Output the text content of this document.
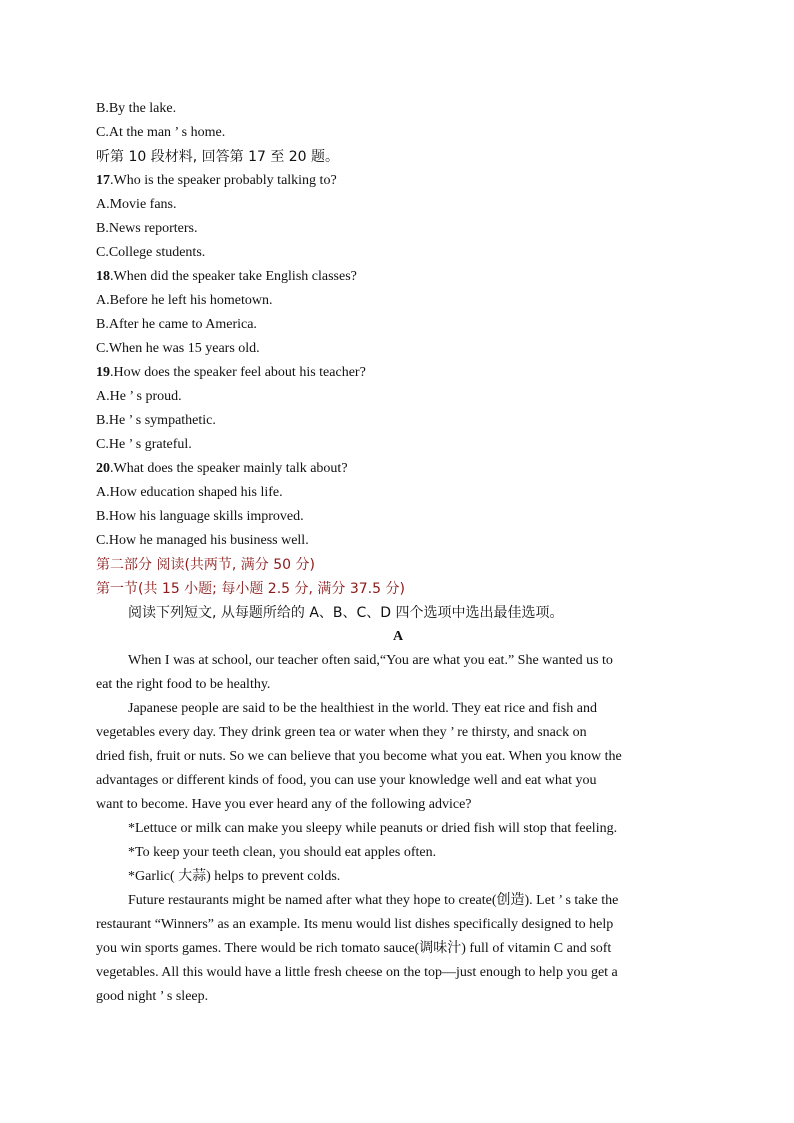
B.By the lake.
C.At the man ’ s home.
听第 10 段材料, 回答第 17 至 20 题。
17.Who is the speaker probably talking to?
A.Movie fans.
B.News reporters.
C.College students.
18.When did the speaker take English classes?
A.Before he left his hometown.
B.After he came to America.
C.When he was 15 years old.
19.How does the speaker feel about his teacher?
A.He ’ s proud.
B.He ’ s sympathetic.
C.He ’ s grateful.
20.What does the speaker mainly talk about?
A.How education shaped his life.
B.How his language skills improved.
C.How he managed his business well.
第二部分 阅读(共两节, 满分 50 分)
第一节(共 15 小题; 每小题 2.5 分, 满分 37.5 分)
阅读下列短文, 从每题所给的 A、B、C、D 四个选项中选出最佳选项。
A
When I was at school, our teacher often said,“You are what you eat.” She wanted us to
eat the right food to be healthy.
Japanese people are said to be the healthiest in the world. They eat rice and fish and
vegetables every day. They drink green tea or water when they ’ re thirsty, and snack on
dried fish, fruit or nuts. So we can believe that you become what you eat. When you know the
advantages or different kinds of food, you can use your knowledge well and eat what you
want to become. Have you ever heard any of the following advice?
*Lettuce or milk can make you sleepy while peanuts or dried fish will stop that feeling.
*To keep your teeth clean, you should eat apples often.
*Garlic( 大蒜) helps to prevent colds.
Future restaurants might be named after what they hope to create(创造). Let ’ s take the
restaurant “Winners” as an example. Its menu would list dishes specifically designed to help
you win sports games. There would be rich tomato sauce(调味汁) full of vitamin C and soft
vegetables. All this would have a little fresh cheese on the top—just enough to help you get a
good night ’ s sleep.
